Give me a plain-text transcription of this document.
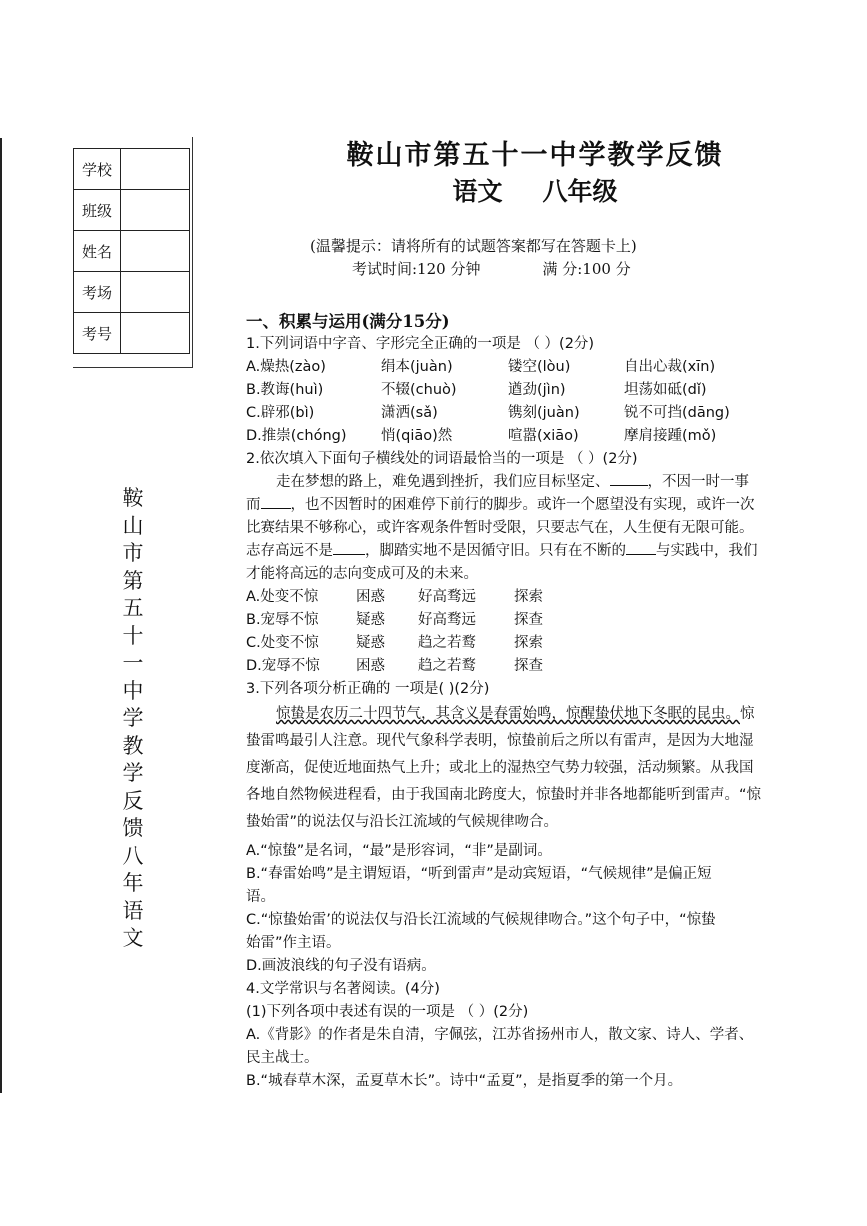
学校	
班级	
姓名	
考场	
考号	
鞍
山
市
第
五
十
一
中
学
教
学
反
馈
八
年
语
文
鞍山市第五十一中学教学反馈
语文 八年级
(温馨提示：请将所有的试题答案都写在答题卡上)
考试时间:120 分钟	满 分:100 分
一、积累与运用(满分15分)
1.下列词语中字音、字形完全正确的一项是 （ ）(2分)
A.燥热(zào)	绢本(juàn)	镂空(lòu)	自出心裁(xīn)
B.教诲(huì)	不辍(chuò)	遒劲(jìn)	坦荡如砥(dǐ)
C.辟邪(bì)	潇洒(sǎ)	镌刻(juàn)	锐不可挡(dāng)
D.推崇(chóng)	悄(qiāo)然	喧嚣(xiāo)	摩肩接踵(mǒ)
2.依次填入下面句子横线处的词语最恰当的一项是 （ ）(2分)
走在梦想的路上，难免遇到挫折，我们应目标坚定、	，不因一时一事
而 ，也不因暂时的困难停下前行的脚步。或许一个愿望没有实现，或许一次
比赛结果不够称心，或许客观条件暂时受限，只要志气在，人生便有无限可能。
志存高远不是 ，脚踏实地不是因循守旧。只有在不断的 与实践中，我们
才能将高远的志向变成可及的未来。
A.处变不惊	困惑	好高骛远	探索
B.宠辱不惊	疑惑	好高骛远	探查
C.处变不惊	疑惑	趋之若鹜	探索
D.宠辱不惊	困惑	趋之若鹜	探查
3.下列各项分析正确的 一项是( )(2分)
惊蛰是农历二十四节气，其含义是春雷始鸣，惊醒蛰伏地下冬眠的昆虫。惊
蛰雷鸣最引人注意。现代气象科学表明，惊蛰前后之所以有雷声，是因为大地湿
度渐高，促使近地面热气上升；或北上的湿热空气势力较强，活动频繁。从我国
各地自然物候进程看，由于我国南北跨度大，惊蛰时并非各地都能听到雷声。“惊
蛰始雷”的说法仅与沿长江流域的气候规律吻合。
A.“惊蛰”是名词，“最”是形容词，“非”是副词。
B.“春雷始鸣”是主谓短语，“听到雷声”是动宾短语，“气候规律”是偏正短
语。
C.“惊蛰始雷’的说法仅与沿长江流域的气候规律吻合。”这个句子中，“惊蛰
始雷”作主语。
D.画波浪线的句子没有语病。
4.文学常识与名著阅读。(4分)
(1)下列各项中表述有误的一项是 （ ）(2分)
A.《背影》的作者是朱自清，字佩弦，江苏省扬州市人，散文家、诗人、学者、
民主战士。
B.“城春草木深，孟夏草木长”。诗中“孟夏”，是指夏季的第一个月。
